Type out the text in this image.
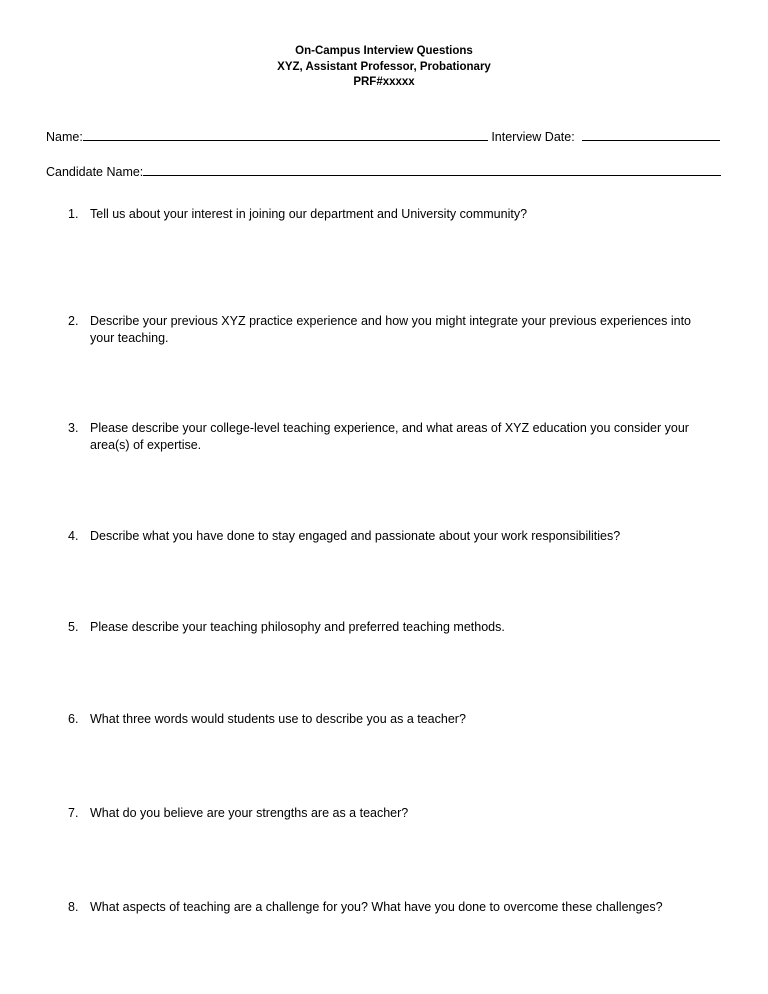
On-Campus Interview Questions
XYZ, Assistant Professor, Probationary
PRF#xxxxx
Name:	Interview Date:
Candidate Name:
1. Tell us about your interest in joining our department and University community?
2. Describe your previous XYZ practice experience and how you might integrate your previous experiences into your teaching.
3. Please describe your college-level teaching experience, and what areas of XYZ education you consider your area(s) of expertise.
4. Describe what you have done to stay engaged and passionate about your work responsibilities?
5. Please describe your teaching philosophy and preferred teaching methods.
6. What three words would students use to describe you as a teacher?
7. What do you believe are your strengths are as a teacher?
8. What aspects of teaching are a challenge for you? What have you done to overcome these challenges?
